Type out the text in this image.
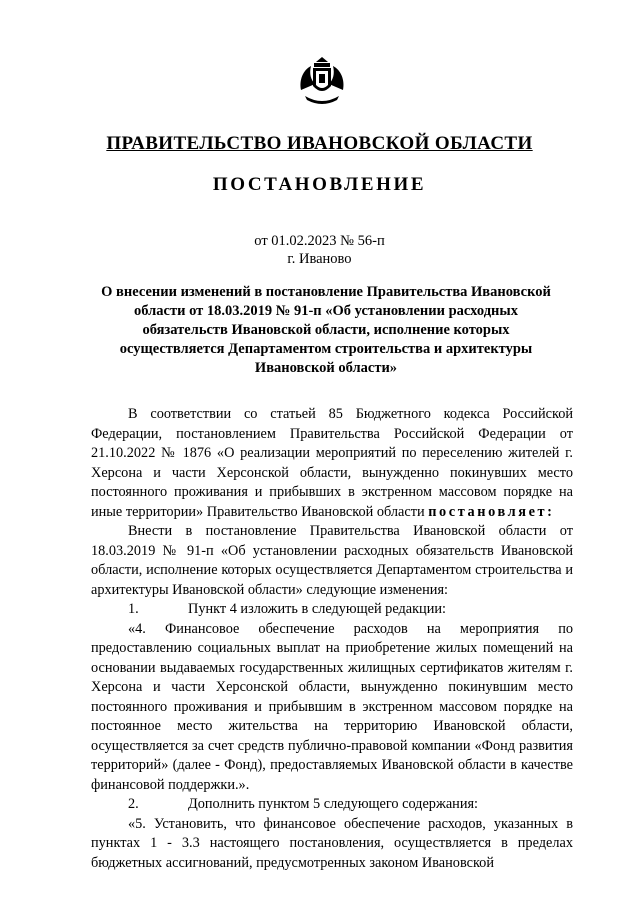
ПРАВИТЕЛЬСТВО ИВАНОВСКОЙ ОБЛАСТИ
ПОСТАНОВЛЕНИЕ
от 01.02.2023 № 56-п
г. Иваново
О внесении изменений в постановление Правительства Ивановской области от 18.03.2019 № 91-п «Об установлении расходных обязательств Ивановской области, исполнение которых осуществляется Департаментом строительства и архитектуры Ивановской области»

В соответствии со статьей 85 Бюджетного кодекса Российской Федерации, постановлением Правительства Российской Федерации от 21.10.2022 № 1876 «О реализации мероприятий по переселению жителей г. Херсона и части Херсонской области, вынужденно покинувших место постоянного проживания и прибывших в экстренном массовом порядке на иные территории» Правительство Ивановской области постановляет:

Внести в постановление Правительства Ивановской области от 18.03.2019 № 91-п «Об установлении расходных обязательств Ивановской области, исполнение которых осуществляется Департаментом строительства и архитектуры Ивановской области» следующие изменения:

1.	Пункт 4 изложить в следующей редакции:

«4. Финансовое обеспечение расходов на мероприятия по предоставлению социальных выплат на приобретение жилых помещений на основании выдаваемых государственных жилищных сертификатов жителям г. Херсона и части Херсонской области, вынужденно покинувшим место постоянного проживания и прибывшим в экстренном массовом порядке на постоянное место жительства на территорию Ивановской области, осуществляется за счет средств публично-правовой компании «Фонд развития территорий» (далее - Фонд), предоставляемых Ивановской области в качестве финансовой поддержки.».

2.	Дополнить пунктом 5 следующего содержания:

«5. Установить, что финансовое обеспечение расходов, указанных в пунктах 1 - 3.3 настоящего постановления, осуществляется в пределах бюджетных ассигнований, предусмотренных законом Ивановской
